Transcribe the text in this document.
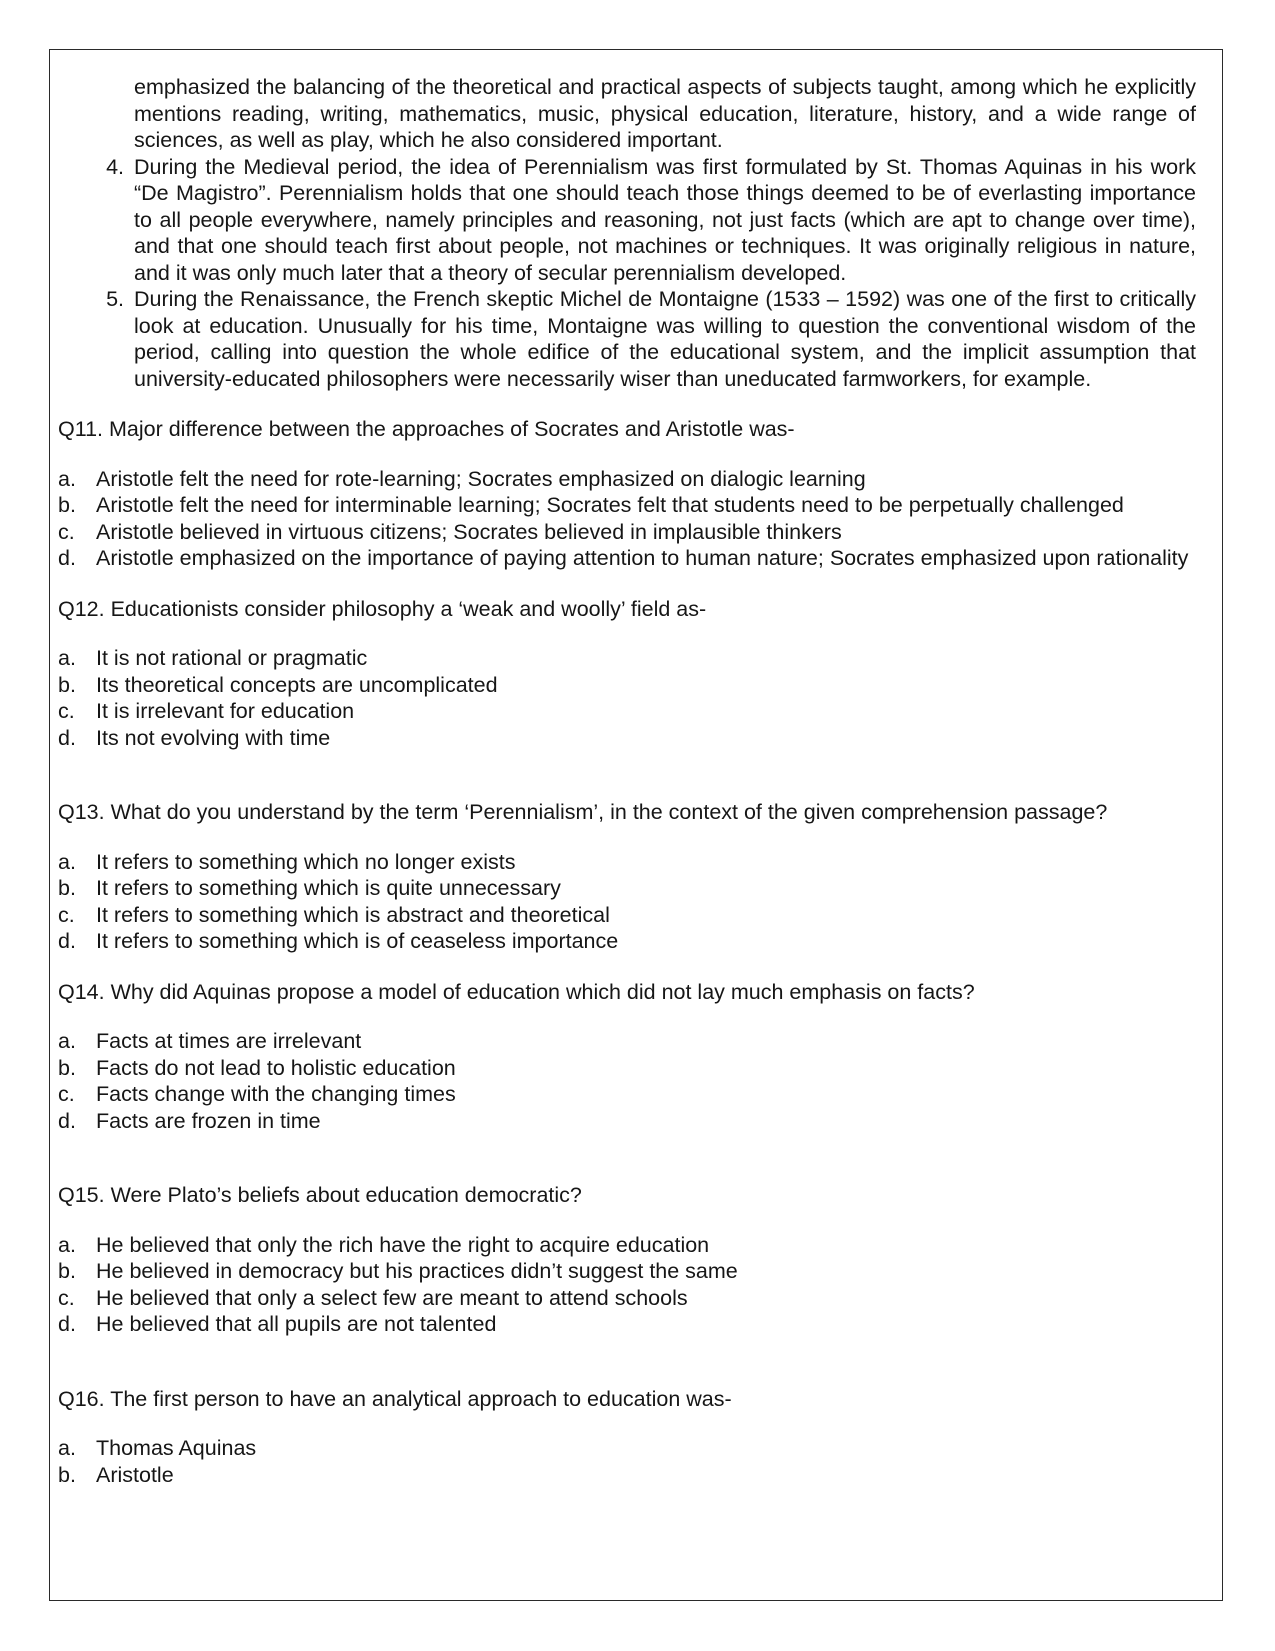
emphasized the balancing of the theoretical and practical aspects of subjects taught, among which he explicitly mentions reading, writing, mathematics, music, physical education, literature, history, and a wide range of sciences, as well as play, which he also considered important.
4. During the Medieval period, the idea of Perennialism was first formulated by St. Thomas Aquinas in his work “De Magistro”. Perennialism holds that one should teach those things deemed to be of everlasting importance to all people everywhere, namely principles and reasoning, not just facts (which are apt to change over time), and that one should teach first about people, not machines or techniques. It was originally religious in nature, and it was only much later that a theory of secular perennialism developed.
5. During the Renaissance, the French skeptic Michel de Montaigne (1533 – 1592) was one of the first to critically look at education. Unusually for his time, Montaigne was willing to question the conventional wisdom of the period, calling into question the whole edifice of the educational system, and the implicit assumption that university-educated philosophers were necessarily wiser than uneducated farmworkers, for example.

Q11. Major difference between the approaches of Socrates and Aristotle was-

a. Aristotle felt the need for rote-learning; Socrates emphasized on dialogic learning
b. Aristotle felt the need for interminable learning; Socrates felt that students need to be perpetually challenged
c. Aristotle believed in virtuous citizens; Socrates believed in implausible thinkers
d. Aristotle emphasized on the importance of paying attention to human nature; Socrates emphasized upon rationality

Q12. Educationists consider philosophy a ‘weak and woolly’ field as-

a. It is not rational or pragmatic
b. Its theoretical concepts are uncomplicated
c. It is irrelevant for education
d. Its not evolving with time

Q13. What do you understand by the term ‘Perennialism’, in the context of the given comprehension passage?

a. It refers to something which no longer exists
b. It refers to something which is quite unnecessary
c. It refers to something which is abstract and theoretical
d. It refers to something which is of ceaseless importance

Q14. Why did Aquinas propose a model of education which did not lay much emphasis on facts?

a. Facts at times are irrelevant
b. Facts do not lead to holistic education
c. Facts change with the changing times
d. Facts are frozen in time

Q15. Were Plato’s beliefs about education democratic?

a. He believed that only the rich have the right to acquire education
b. He believed in democracy but his practices didn’t suggest the same
c. He believed that only a select few are meant to attend schools
d. He believed that all pupils are not talented

Q16. The first person to have an analytical approach to education was-

a. Thomas Aquinas
b. Aristotle
